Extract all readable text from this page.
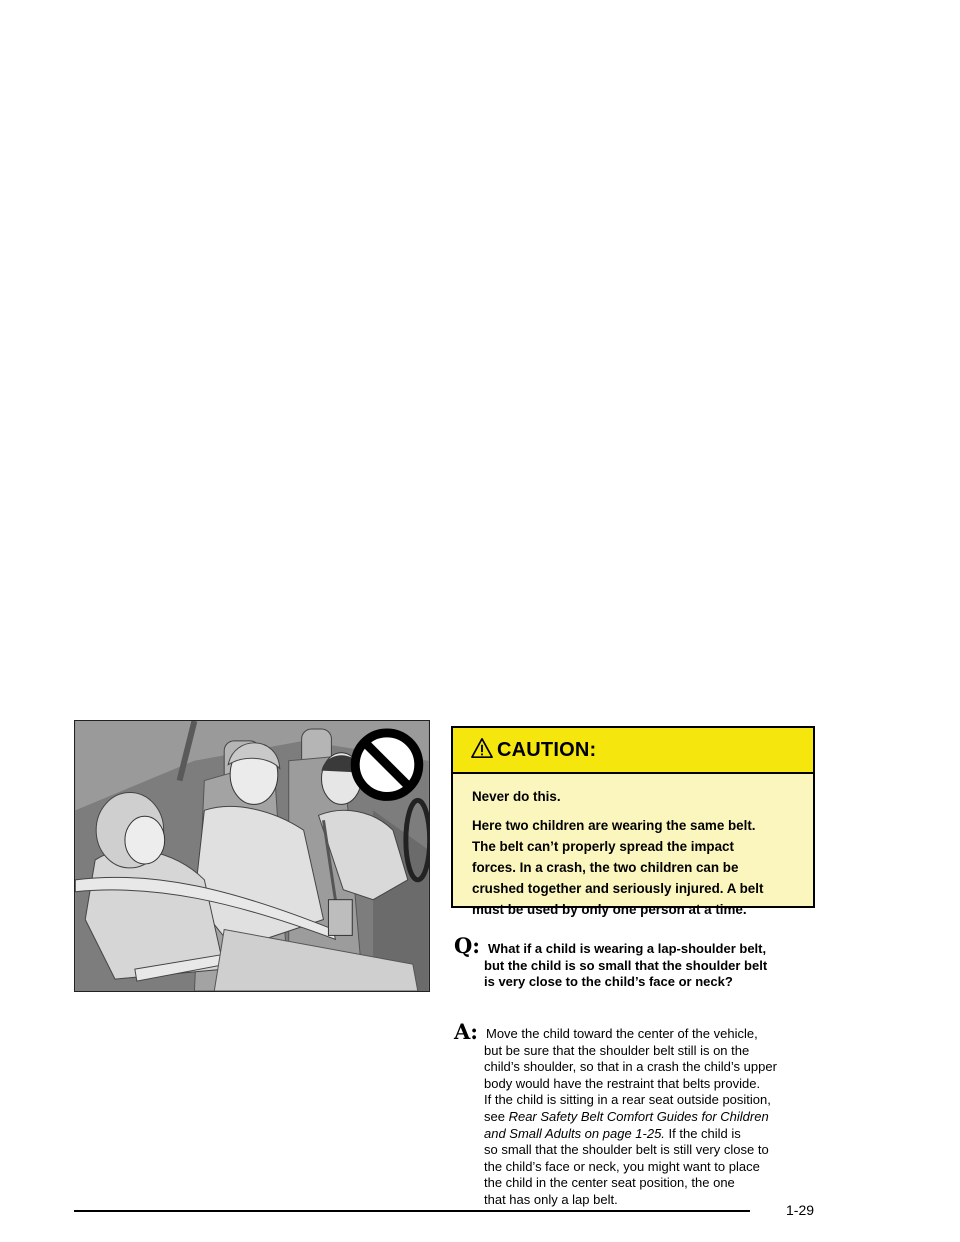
CAUTION:

Never do this.

Here two children are wearing the same belt.

The belt can’t properly spread the impact

forces. In a crash, the two children can be

crushed together and seriously injured. A belt

must be used by only one person at a time.

Q: What if a child is wearing a lap-shoulder belt,
but the child is so small that the shoulder belt
is very close to the child’s face or neck?

A: Move the child toward the center of the vehicle,
but be sure that the shoulder belt still is on the
child’s shoulder, so that in a crash the child’s upper
body would have the restraint that belts provide.
If the child is sitting in a rear seat outside position,
see Rear Safety Belt Comfort Guides for Children
and Small Adults on page 1-25. If the child is
so small that the shoulder belt is still very close to
the child’s face or neck, you might want to place
the child in the center seat position, the one
that has only a lap belt.

1-29
